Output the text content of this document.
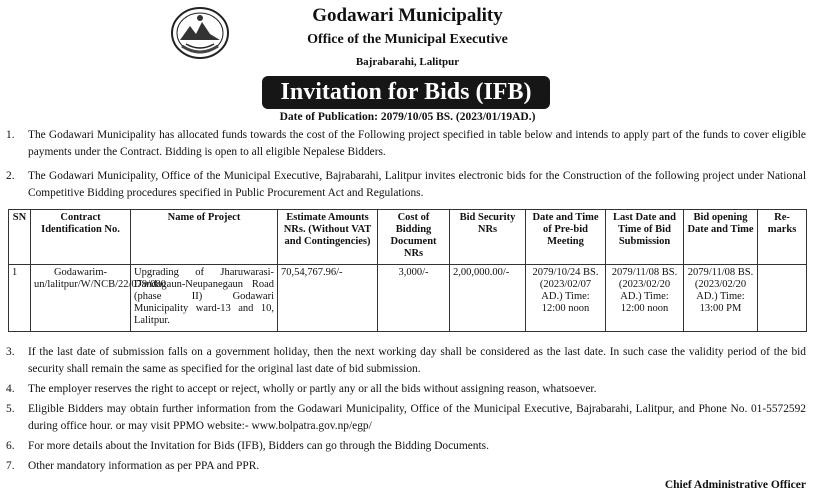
Godawari Municipality
Office of the Municipal Executive
Bajrabarahi, Lalitpur
Invitation for Bids (IFB)
Date of Publication: 2079/10/05 BS. (2023/01/19AD.)
1. The Godawari Municipality has allocated funds towards the cost of the Following project specified in table below and intends to apply part of the funds to cover eligible payments under the Contract. Bidding is open to all eligible Nepalese Bidders.
2. The Godawari Municipality, Office of the Municipal Executive, Bajrabarahi, Lalitpur invites electronic bids for the Construction of the following project under National Competitive Bidding procedures specified in Public Procurement Act and Regulations.
SN	Contract Identification No.	Name of Project	Estimate Amounts NRs. (Without VAT and Contingencies)	Cost of Bidding Document NRs	Bid Security NRs	Date and Time of Pre-bid Meeting	Last Date and Time of Bid Submission	Bid opening Date and Time	Re-marks
1	Godawarim-un/lalitpur/W/NCB/22/079/080	Upgrading of Jharuwarasi-Dandagaun-Neupanegaun Road (phase II) Godawari Municipality ward-13 and 10, Lalitpur.	70,54,767.96/-	3,000/-	2,00,000.00/-	2079/10/24 BS. (2023/02/07 AD.) Time: 12:00 noon	2079/11/08 BS. (2023/02/20 AD.) Time: 12:00 noon	2079/11/08 BS. (2023/02/20 AD.) Time: 13:00 PM	
3. If the last date of submission falls on a government holiday, then the next working day shall be considered as the last date. In such case the validity period of the bid security shall remain the same as specified for the original last date of bid submission.
4. The employer reserves the right to accept or reject, wholly or partly any or all the bids without assigning reason, whatsoever.
5. Eligible Bidders may obtain further information from the Godawari Municipality, Office of the Municipal Executive, Bajrabarahi, Lalitpur, and Phone No. 01-5572592 during office hour. or may visit PPMO website:- www.bolpatra.gov.np/egp/
6. For more details about the Invitation for Bids (IFB), Bidders can go through the Bidding Documents.
7. Other mandatory information as per PPA and PPR.
Chief Administrative Officer
